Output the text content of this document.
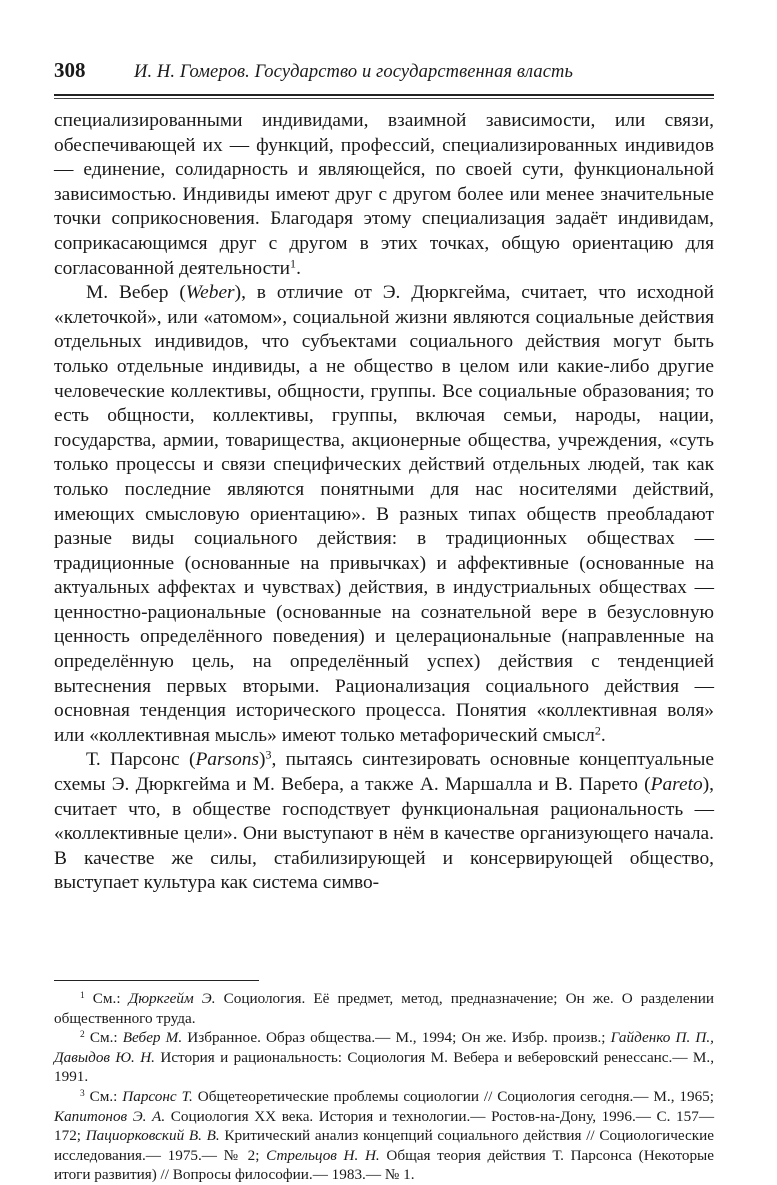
308	И. Н. Гомеров. Государство и государственная власть

специализированными индивидами, взаимной зависимости, или связи, обеспечивающей их — функций, профессий, специализированных индивидов — единение, солидарность и являющейся, по своей сути, функциональной зависимостью. Индивиды имеют друг с другом более или менее значительные точки соприкосновения. Благодаря этому специализация задаёт индивидам, соприкасающимся друг с другом в этих точках, общую ориентацию для согласованной деятельности$^1$.

М. Вебер (Weber), в отличие от Э. Дюркгейма, считает, что исходной «клеточкой», или «атомом», социальной жизни являются социальные действия отдельных индивидов, что субъектами социального действия могут быть только отдельные индивиды, а не общество в целом или какие-либо другие человеческие коллективы, общности, группы. Все социальные образования; то есть общности, коллективы, группы, включая семьи, народы, нации, государства, армии, товарищества, акционерные общества, учреждения, «суть только процессы и связи специфических действий отдельных людей, так как только последние являются понятными для нас носителями действий, имеющих смысловую ориентацию». В разных типах обществ преобладают разные виды социального действия: в традиционных обществах — традиционные (основанные на привычках) и аффективные (основанные на актуальных аффектах и чувствах) действия, в индустриальных обществах — ценностно-рациональные (основанные на сознательной вере в безусловную ценность определённого поведения) и целерациональные (направленные на определённую цель, на определённый успех) действия с тенденцией вытеснения первых вторыми. Рационализация социального действия — основная тенденция исторического процесса. Понятия «коллективная воля» или «коллективная мысль» имеют только метафорический смысл$^2$.

Т. Парсонс (Parsons)$^3$, пытаясь синтезировать основные концептуальные схемы Э. Дюркгейма и М. Вебера, а также А. Маршалла и В. Парето (Pareto), считает что, в обществе господствует функциональная рациональность — «коллективные цели». Они выступают в нём в качестве организующего начала. В качестве же силы, стабилизирующей и консервирующей общество, выступает культура как система симво-

$^1$ См.: Дюркгейм Э. Социология. Её предмет, метод, предназначение; Он же. О разделении общественного труда.

$^2$ См.: Вебер М. Избранное. Образ общества.— М., 1994; Он же. Избр. произв.; Гайденко П. П., Давыдов Ю. Н. История и рациональность: Социология М. Вебера и веберовский ренессанс.— М., 1991.

$^3$ См.: Парсонс Т. Общетеоретические проблемы социологии // Социология сегодня.— М., 1965; Капитонов Э. А. Социология XX века. История и технологии.— Ростов-на-Дону, 1996.— С. 157—172; Пациорковский В. В. Критический анализ концепций социального действия // Социологические исследования.— 1975.— № 2; Стрельцов Н. Н. Общая теория действия Т. Парсонса (Некоторые итоги развития) // Вопросы философии.— 1983.— № 1.
